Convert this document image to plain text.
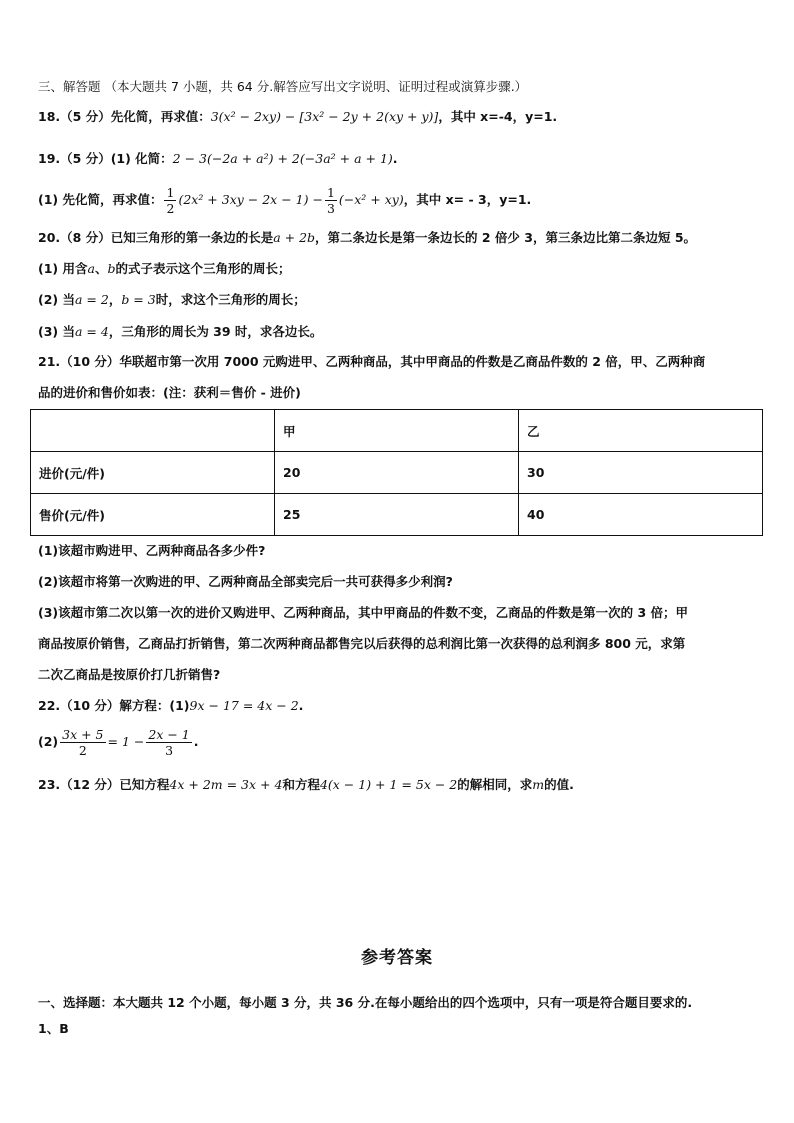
三、解答题 （本大题共 7 小题，共 64 分.解答应写出文字说明、证明过程或演算步骤.）
18.（5 分）先化简，再求值：3(x² − 2xy) − [3x² − 2y + 2(xy + y)]，其中 x=-4，y=1.
19.（5 分）(1) 化简：2 − 3(−2a + a²) + 2(−3a² + a + 1).
(1) 先化简，再求值： $\frac{1}{2} (2x^2 + 3xy - 2x - 1) - \frac{1}{3} (-x^2 + xy)$，其中 x= - 3，y=1.
20.（8 分）已知三角形的第一条边的长是a + 2b，第二条边长是第一条边长的 2 倍少 3，第三条边比第二条边短 5。
(1) 用含a、b的式子表示这个三角形的周长；
(2) 当a = 2，b = 3时，求这个三角形的周长；
(3) 当a = 4，三角形的周长为 39 时，求各边长。
21.（10 分）华联超市第一次用 7000 元购进甲、乙两种商品，其中甲商品的件数是乙商品件数的 2 倍，甲、乙两种商
品的进价和售价如表：(注：获利＝售价 - 进价)
	甲	乙
进价(元/件)	20	30
售价(元/件)	25	40
(1)该超市购进甲、乙两种商品各多少件?
(2)该超市将第一次购进的甲、乙两种商品全部卖完后一共可获得多少利润?
(3)该超市第二次以第一次的进价又购进甲、乙两种商品，其中甲商品的件数不变，乙商品的件数是第一次的 3 倍；甲
商品按原价销售，乙商品打折销售，第二次两种商品都售完以后获得的总利润比第一次获得的总利润多 800 元，求第
二次乙商品是按原价打几折销售?
22.（10 分）解方程：(1)9x − 17 = 4x − 2.
$(2) \frac{3x + 5}{2} = 1 - \frac{2x - 1}{3}$ .
23.（12 分）已知方程4x + 2m = 3x + 4和方程4(x − 1) + 1 = 5x − 2的解相同，求m的值.
参考答案
一、选择题：本大题共 12 个小题，每小题 3 分，共 36 分.在每小题给出的四个选项中，只有一项是符合题目要求的.
1、B
